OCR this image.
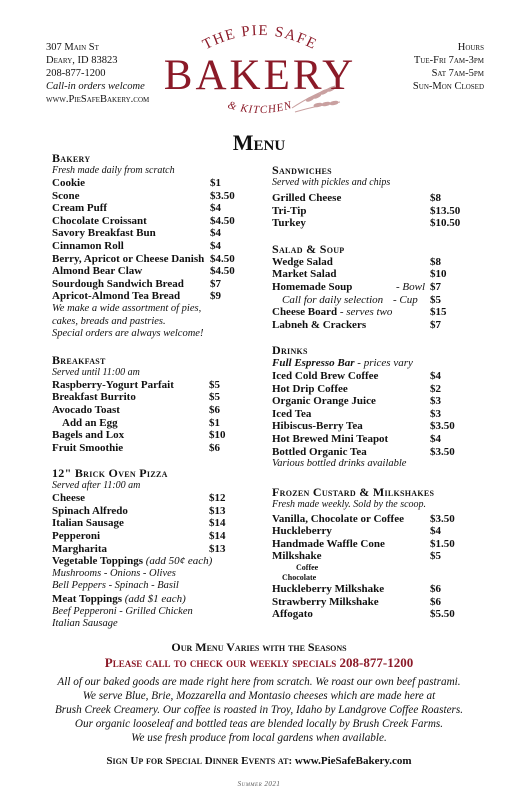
307 Main St
Deary, ID 83823
208-877-1200
Call-in orders welcome
www.PieSafeBakery.com
THE PIE SAFE
& KITCHEN
BAKERY
Hours
Tue-Fri 7am-3pm
Sat 7am-5pm
Sun-Mon Closed
Menu
Bakery
Fresh made daily from scratch
Cookie	$1
Scone	$3.50
Cream Puff	$4
Chocolate Croissant	$4.50
Savory Breakfast Bun	$4
Cinnamon Roll	$4
Berry, Apricot or Cheese Danish $4.50
Almond Bear Claw	$4.50
Sourdough Sandwich Bread $7
Apricot-Almond Tea Bread	$9
We make a wide assortment of pies,
cakes, breads and pastries.
Special orders are always welcome!
Breakfast
Served until 11:00 am
Raspberry-Yogurt Parfait	$5
Breakfast Burrito	$5
Avocado Toast	$6
Add an Egg	$1
Bagels and Lox	$10
Fruit Smoothie	$6
12" Brick Oven Pizza
Served after 11:00 am
Cheese	$12
Spinach Alfredo	$13
Italian Sausage	$14
Pepperoni	$14
Margharita	$13
Vegetable Toppings (add 50¢ each)
Mushrooms - Onions - Olives
Bell Peppers - Spinach - Basil
Meat Toppings (add $1 each)
Beef Pepperoni - Grilled Chicken
Italian Sausage
Sandwiches
Served with pickles and chips
Grilled Cheese	$8
Tri-Tip	$13.50
Turkey	$10.50
Salad & Soup
Wedge Salad	$8
Market Salad	$10
Homemade Soup	- Bowl $7
Call for daily selection - Cup $5
Cheese Board - serves two	$15
Labneh & Crackers	$7
Drinks
Full Espresso Bar - prices vary
Iced Cold Brew Coffee	$4
Hot Drip Coffee	$2
Organic Orange Juice	$3
Iced Tea	$3
Hibiscus-Berry Tea	$3.50
Hot Brewed Mini Teapot	$4
Bottled Organic Tea	$3.50
Various bottled drinks available
Frozen Custard & Milkshakes
Fresh made weekly. Sold by the scoop.
Vanilla, Chocolate or Coffee $3.50
Huckleberry	$4
Handmade Waffle Cone	$1.50
Milkshake	$5
Coffee
Chocolate
Huckleberry Milkshake	$6
Strawberry Milkshake	$6
Affogato	$5.50
Our Menu Varies with the Seasons
Please call to check our weekly specials 208-877-1200
All of our baked goods are made right here from scratch. We roast our own beef pastrami.
We serve Blue, Brie, Mozzarella and Montasio cheeses which are made here at
Brush Creek Creamery. Our coffee is roasted in Troy, Idaho by Landgrove Coffee Roasters.
Our organic looseleaf and bottled teas are blended locally by Brush Creek Farms.
We use fresh produce from local gardens when available.
Sign Up for Special Dinner Events at: www.PieSafeBakery.com
Summer 2021
